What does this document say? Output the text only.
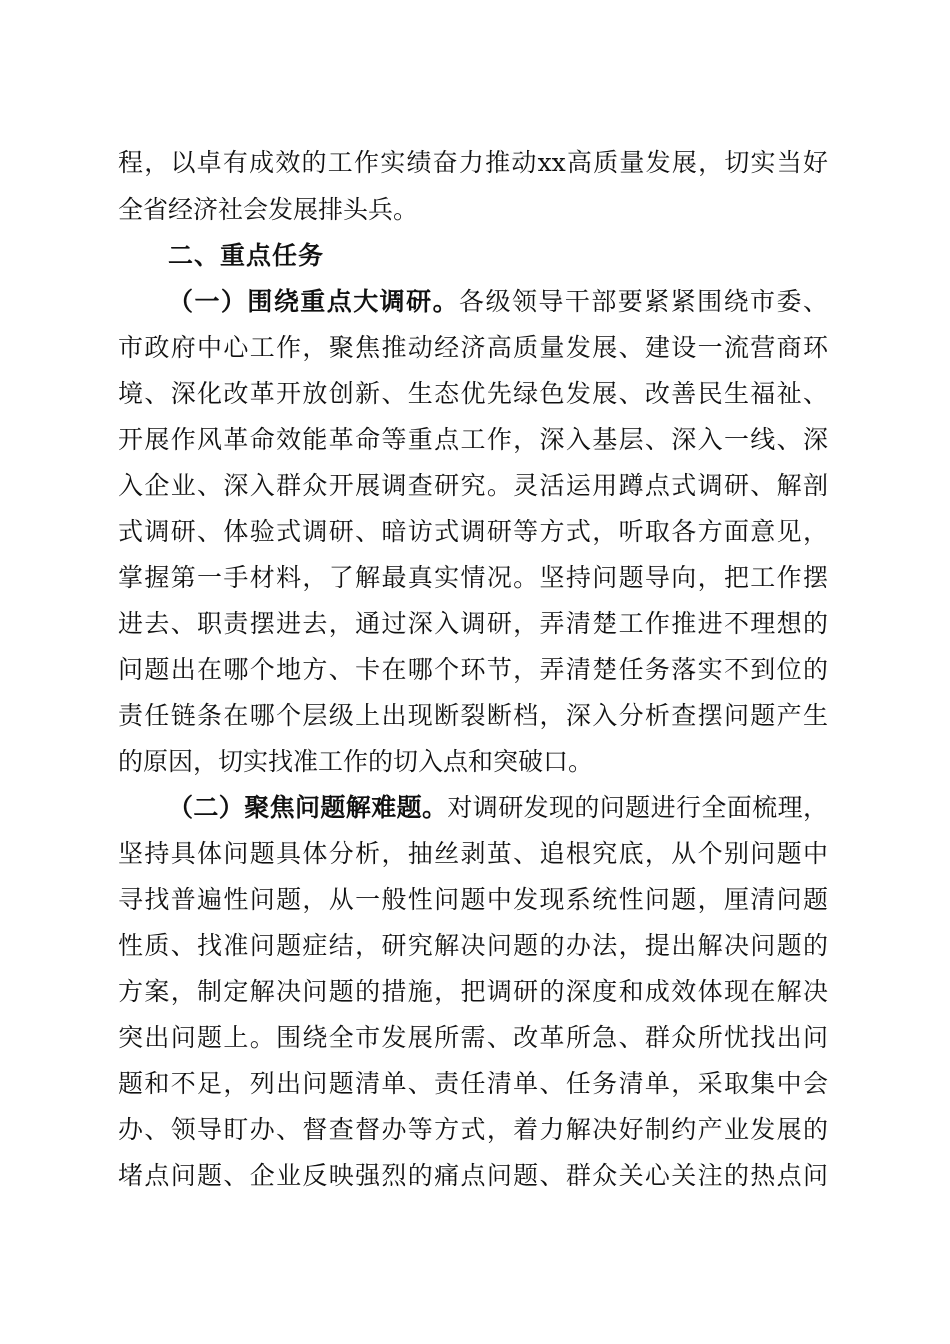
程，以卓有成效的工作实绩奋力推动xx高质量发展，切实当好
全省经济社会发展排头兵。
二、重点任务
（一）围绕重点大调研。各级领导干部要紧紧围绕市委、
市政府中心工作，聚焦推动经济高质量发展、建设一流营商环
境、深化改革开放创新、生态优先绿色发展、改善民生福祉、
开展作风革命效能革命等重点工作，深入基层、深入一线、深
入企业、深入群众开展调查研究。灵活运用蹲点式调研、解剖
式调研、体验式调研、暗访式调研等方式，听取各方面意见，
掌握第一手材料，了解最真实情况。坚持问题导向，把工作摆
进去、职责摆进去，通过深入调研，弄清楚工作推进不理想的
问题出在哪个地方、卡在哪个环节，弄清楚任务落实不到位的
责任链条在哪个层级上出现断裂断档，深入分析查摆问题产生
的原因，切实找准工作的切入点和突破口。
（二）聚焦问题解难题。对调研发现的问题进行全面梳理，
坚持具体问题具体分析，抽丝剥茧、追根究底，从个别问题中
寻找普遍性问题，从一般性问题中发现系统性问题，厘清问题
性质、找准问题症结，研究解决问题的办法，提出解决问题的
方案，制定解决问题的措施，把调研的深度和成效体现在解决
突出问题上。围绕全市发展所需、改革所急、群众所忧找出问
题和不足，列出问题清单、责任清单、任务清单，采取集中会
办、领导盯办、督查督办等方式，着力解决好制约产业发展的
堵点问题、企业反映强烈的痛点问题、群众关心关注的热点问
